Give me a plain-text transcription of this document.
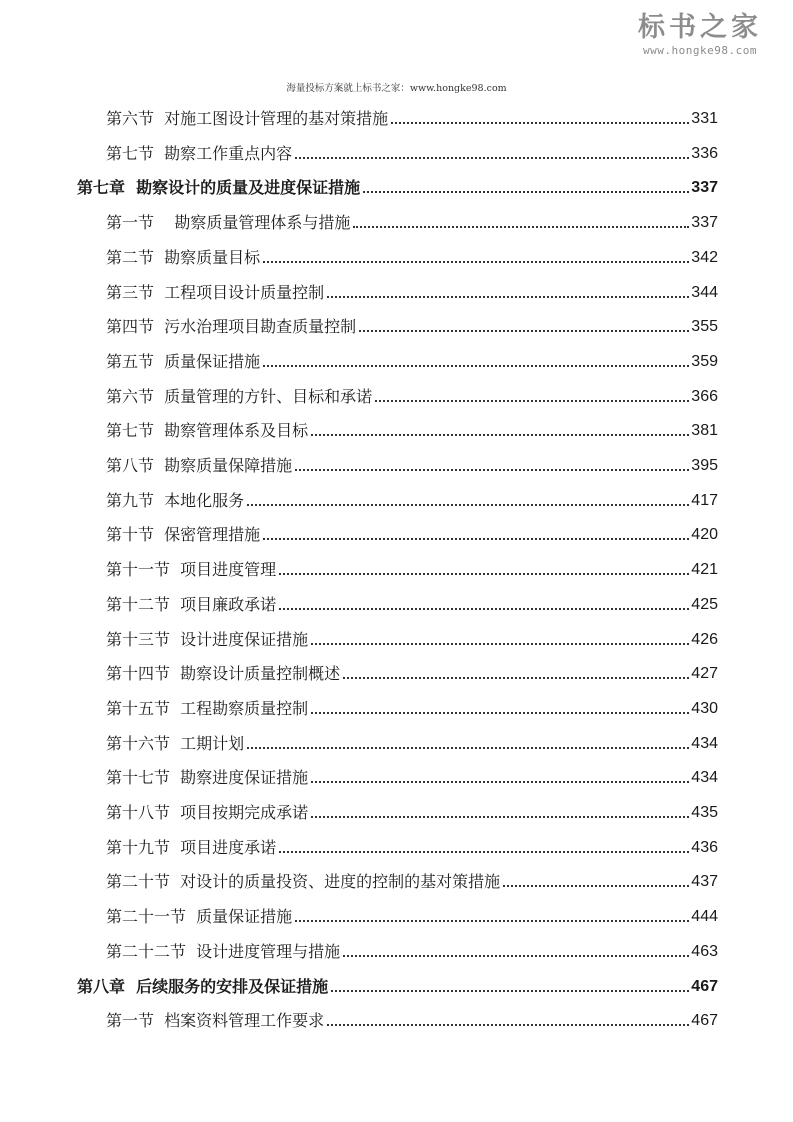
标书之家
www.hongke98.com
海量投标方案就上标书之家：www.hongke98.com
第六节  对施工图设计管理的基对策措施	331
第七节  勘察工作重点内容	336
第七章  勘察设计的质量及进度保证措施	337
第一节    勘察质量管理体系与措施	337
第二节  勘察质量目标	342
第三节  工程项目设计质量控制	344
第四节  污水治理项目勘查质量控制	355
第五节  质量保证措施	359
第六节  质量管理的方针、目标和承诺	366
第七节  勘察管理体系及目标	381
第八节  勘察质量保障措施	395
第九节  本地化服务	417
第十节  保密管理措施	420
第十一节  项目进度管理	421
第十二节  项目廉政承诺	425
第十三节  设计进度保证措施	426
第十四节  勘察设计质量控制概述	427
第十五节  工程勘察质量控制	430
第十六节  工期计划	434
第十七节  勘察进度保证措施	434
第十八节  项目按期完成承诺	435
第十九节  项目进度承诺	436
第二十节  对设计的质量投资、进度的控制的基对策措施	437
第二十一节  质量保证措施	444
第二十二节  设计进度管理与措施	463
第八章  后续服务的安排及保证措施	467
第一节  档案资料管理工作要求	467
